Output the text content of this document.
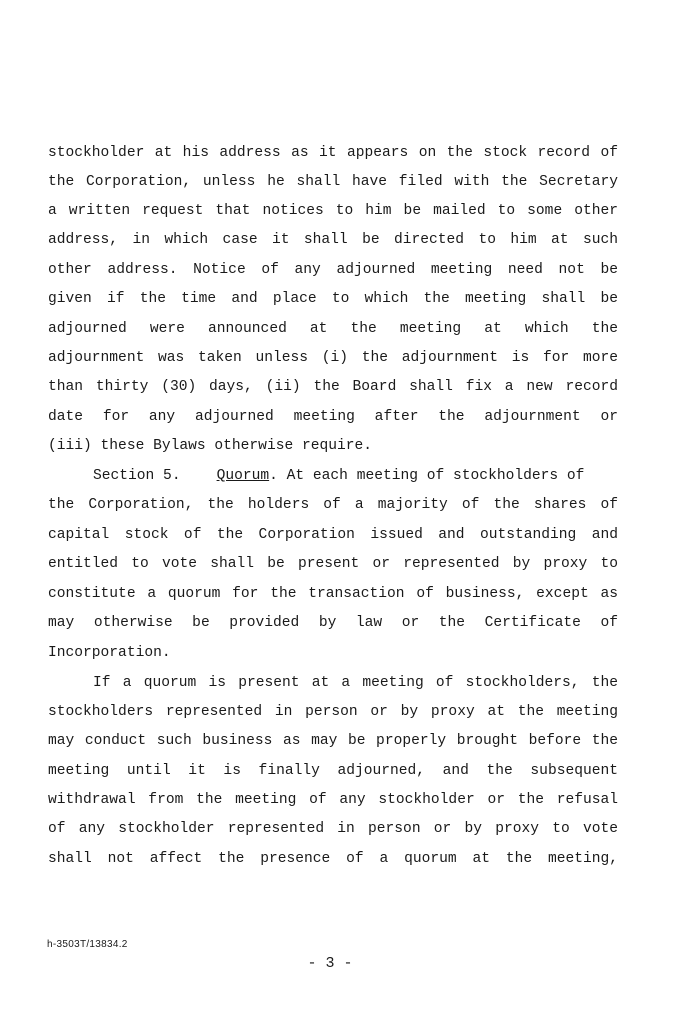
stockholder at his address as it appears on the stock record of
the Corporation, unless he shall have filed with the Secretary
a written request that notices to him be mailed to some other
address, in which case it shall be directed to him at such
other address. Notice of any adjourned meeting need not be
given if the time and place to which the meeting shall be
adjourned were announced at the meeting at which the
adjournment was taken unless (i) the adjournment is for more
than thirty (30) days, (ii) the Board shall fix a new record
date for any adjourned meeting after the adjournment or
(iii) these Bylaws otherwise require.
Section 5. Quorum. At each meeting of stockholders of
the Corporation, the holders of a majority of the shares of
capital stock of the Corporation issued and outstanding and
entitled to vote shall be present or represented by proxy to
constitute a quorum for the transaction of business, except as
may otherwise be provided by law or the Certificate of
Incorporation.
If a quorum is present at a meeting of stockholders, the
stockholders represented in person or by proxy at the meeting
may conduct such business as may be properly brought before the
meeting until it is finally adjourned, and the subsequent
withdrawal from the meeting of any stockholder or the refusal
of any stockholder represented in person or by proxy to vote
shall not affect the presence of a quorum at the meeting,
h-3503T/13834.2
- 3 -
